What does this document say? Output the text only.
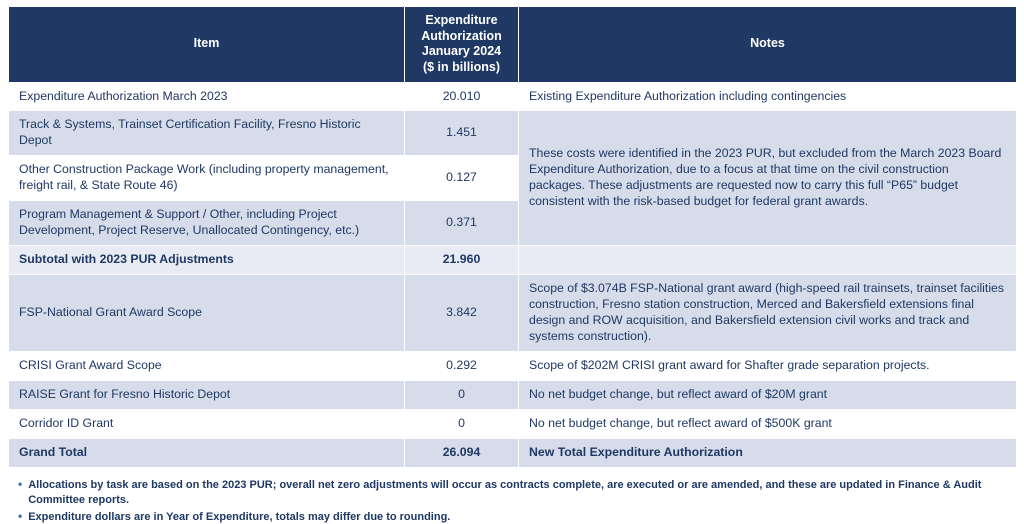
Item	Expenditure
Authorization
January 2024
($ in billions)	Notes
Expenditure Authorization March 2023	20.010	Existing Expenditure Authorization including contingencies
Track & Systems, Trainset Certification Facility, Fresno Historic Depot	1.451	These costs were identified in the 2023 PUR, but excluded from the March 2023 Board Expenditure Authorization, due to a focus at that time on the civil construction packages. These adjustments are requested now to carry this full “P65” budget consistent with the risk-based budget for federal grant awards.
Other Construction Package Work (including property management, freight rail, & State Route 46)	0.127	
Program Management & Support / Other, including Project Development, Project Reserve, Unallocated Contingency, etc.)	0.371	
Subtotal with 2023 PUR Adjustments	21.960	
FSP-National Grant Award Scope	3.842	Scope of $3.074B FSP-National grant award (high-speed rail trainsets, trainset facilities construction, Fresno station construction, Merced and Bakersfield extensions final design and ROW acquisition, and Bakersfield extension civil works and track and systems construction).
CRISI Grant Award Scope	0.292	Scope of $202M CRISI grant award for Shafter grade separation projects.
RAISE Grant for Fresno Historic Depot	0	No net budget change, but reflect award of $20M grant
Corridor ID Grant	0	No net budget change, but reflect award of $500K grant
Grand Total	26.094	New Total Expenditure Authorization
• Allocations by task are based on the 2023 PUR; overall net zero adjustments will occur as contracts complete, are executed or are amended, and these are updated in Finance & Audit Committee reports.
• Expenditure dollars are in Year of Expenditure, totals may differ due to rounding.
